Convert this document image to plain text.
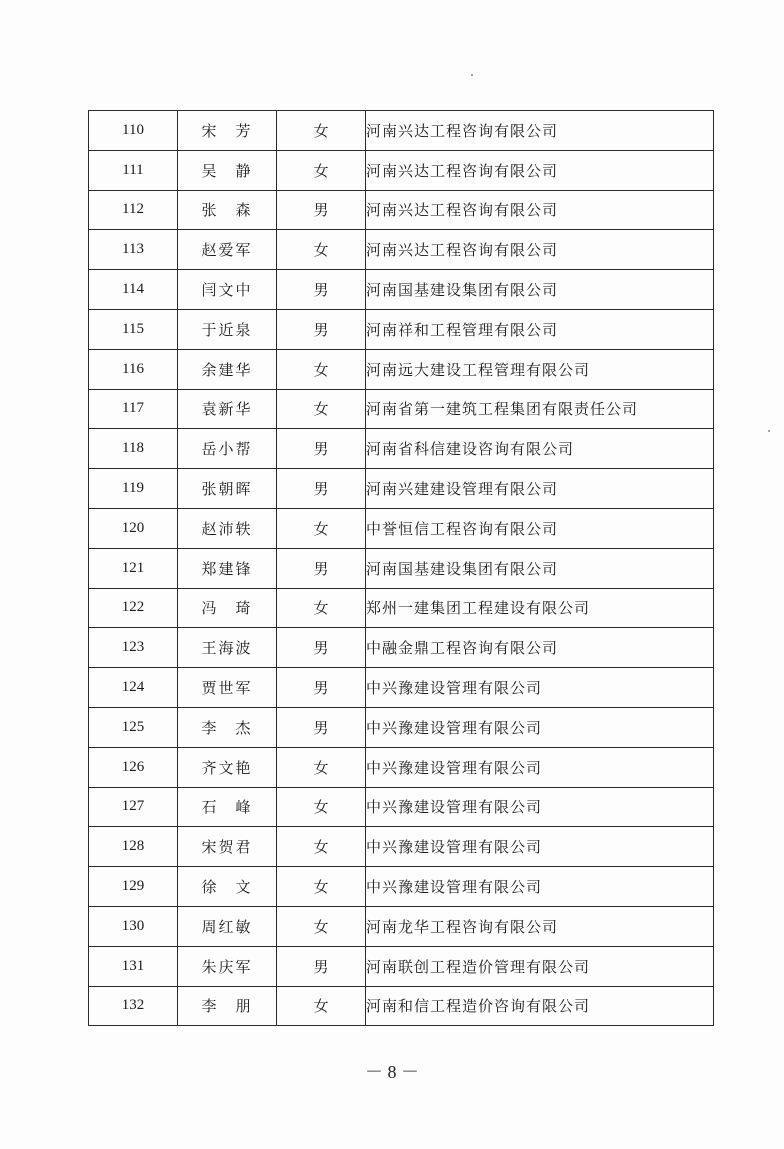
110	宋　芳	女	河南兴达工程咨询有限公司
111	吴　静	女	河南兴达工程咨询有限公司
112	张　森	男	河南兴达工程咨询有限公司
113	赵爱军	女	河南兴达工程咨询有限公司
114	闫文中	男	河南国基建设集团有限公司
115	于近泉	男	河南祥和工程管理有限公司
116	余建华	女	河南远大建设工程管理有限公司
117	袁新华	女	河南省第一建筑工程集团有限责任公司
118	岳小帮	男	河南省科信建设咨询有限公司
119	张朝晖	男	河南兴建建设管理有限公司
120	赵沛轶	女	中誉恒信工程咨询有限公司
121	郑建锋	男	河南国基建设集团有限公司
122	冯　琦	女	郑州一建集团工程建设有限公司
123	王海波	男	中融金鼎工程咨询有限公司
124	贾世军	男	中兴豫建设管理有限公司
125	李　杰	男	中兴豫建设管理有限公司
126	齐文艳	女	中兴豫建设管理有限公司
127	石　峰	女	中兴豫建设管理有限公司
128	宋贺君	女	中兴豫建设管理有限公司
129	徐　文	女	中兴豫建设管理有限公司
130	周红敏	女	河南龙华工程咨询有限公司
131	朱庆军	男	河南联创工程造价管理有限公司
132	李　朋	女	河南和信工程造价咨询有限公司
－ 8 －
